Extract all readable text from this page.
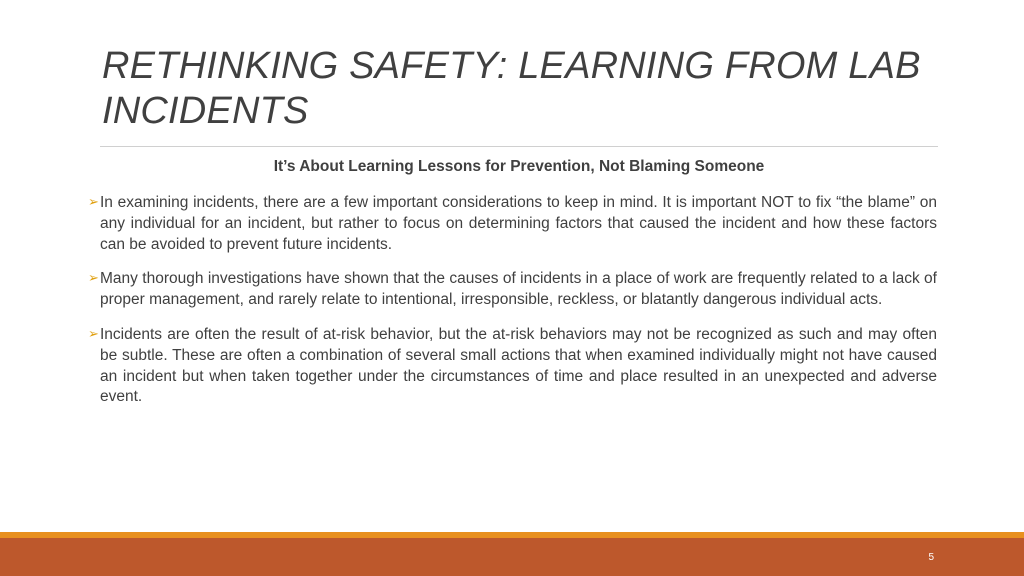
RETHINKING SAFETY: LEARNING FROM LAB INCIDENTS
It’s About Learning Lessons for Prevention, Not Blaming Someone
➢ In examining incidents, there are a few important considerations to keep in mind. It is important NOT to fix “the blame” on any individual for an incident, but rather to focus on determining factors that caused the incident and how these factors can be avoided to prevent future incidents.
➢ Many thorough investigations have shown that the causes of incidents in a place of work are frequently related to a lack of proper management, and rarely relate to intentional, irresponsible, reckless, or blatantly dangerous individual acts.
➢ Incidents are often the result of at-risk behavior, but the at-risk behaviors may not be recognized as such and may often be subtle. These are often a combination of several small actions that when examined individually might not have caused an incident but when taken together under the circumstances of time and place resulted in an unexpected and adverse event.
5
